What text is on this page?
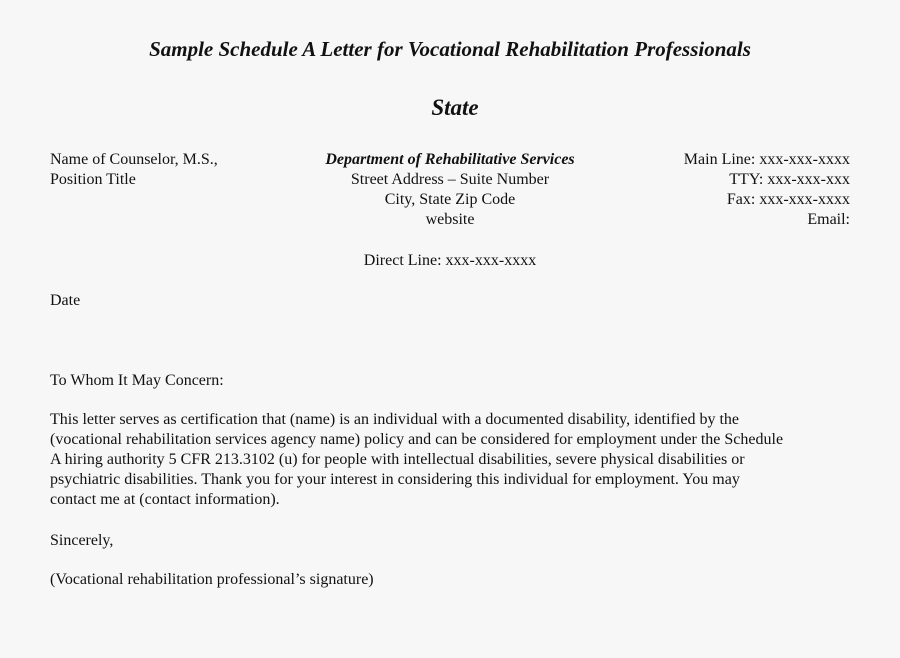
Sample Schedule A Letter for Vocational Rehabilitation Professionals
State
Name of Counselor, M.S.,
Position Title
Department of Rehabilitative Services
Street Address – Suite Number
City, State Zip Code
website
Main Line: xxx-xxx-xxxx
TTY: xxx-xxx-xxx
Fax: xxx-xxx-xxxx
Email:
Direct Line: xxx-xxx-xxxx
Date
To Whom It May Concern:
This letter serves as certification that (name) is an individual with a documented disability, identified by the
(vocational rehabilitation services agency name) policy and can be considered for employment under the Schedule
A hiring authority 5 CFR 213.3102 (u) for people with intellectual disabilities, severe physical disabilities or
psychiatric disabilities. Thank you for your interest in considering this individual for employment. You may
contact me at (contact information).
Sincerely,
(Vocational rehabilitation professional’s signature)
